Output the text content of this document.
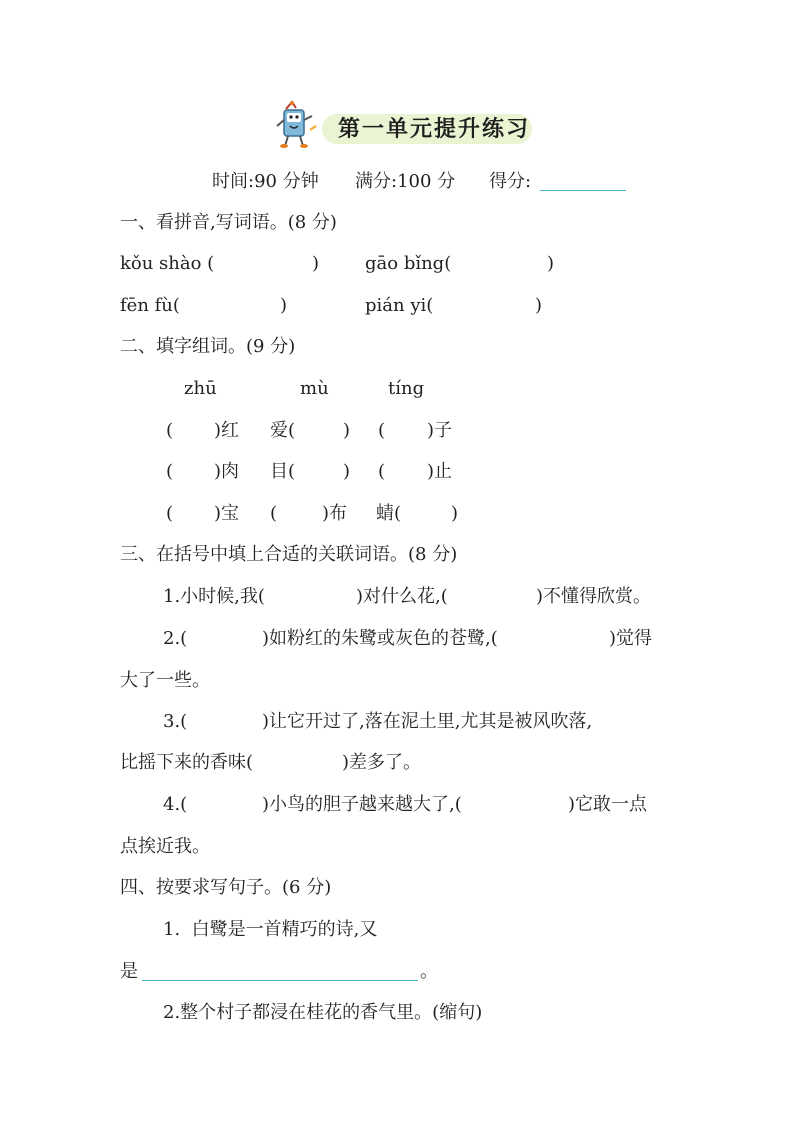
第一单元提升练习
时间:90 分钟 满分:100 分 得分:
一、看拼音,写词语。(8 分)
kǒu shào (	)	gāo bǐng(	)
fēn fù(	)	pián yi(	)
二、填字组词。(9 分)
zhū	mù	tíng
( )红 爱(	) ( )子
( )肉 目(	) ( )止
( )宝 ( )布 蜻(	)
三、在括号中填上合适的关联词语。(8 分)
1.小时候,我(	)对什么花,(	)不懂得欣赏。
2.(	)如粉红的朱鹭或灰色的苍鹭,(	)觉得
大了一些。
3.(	)让它开过了,落在泥土里,尤其是被风吹落,
比摇下来的香味(	)差多了。
4.(	)小鸟的胆子越来越大了,(	)它敢一点
点挨近我。
四、按要求写句子。(6 分)
1.  白鹭是一首精巧的诗,又
是	。
2.整个村子都浸在桂花的香气里。(缩句)
